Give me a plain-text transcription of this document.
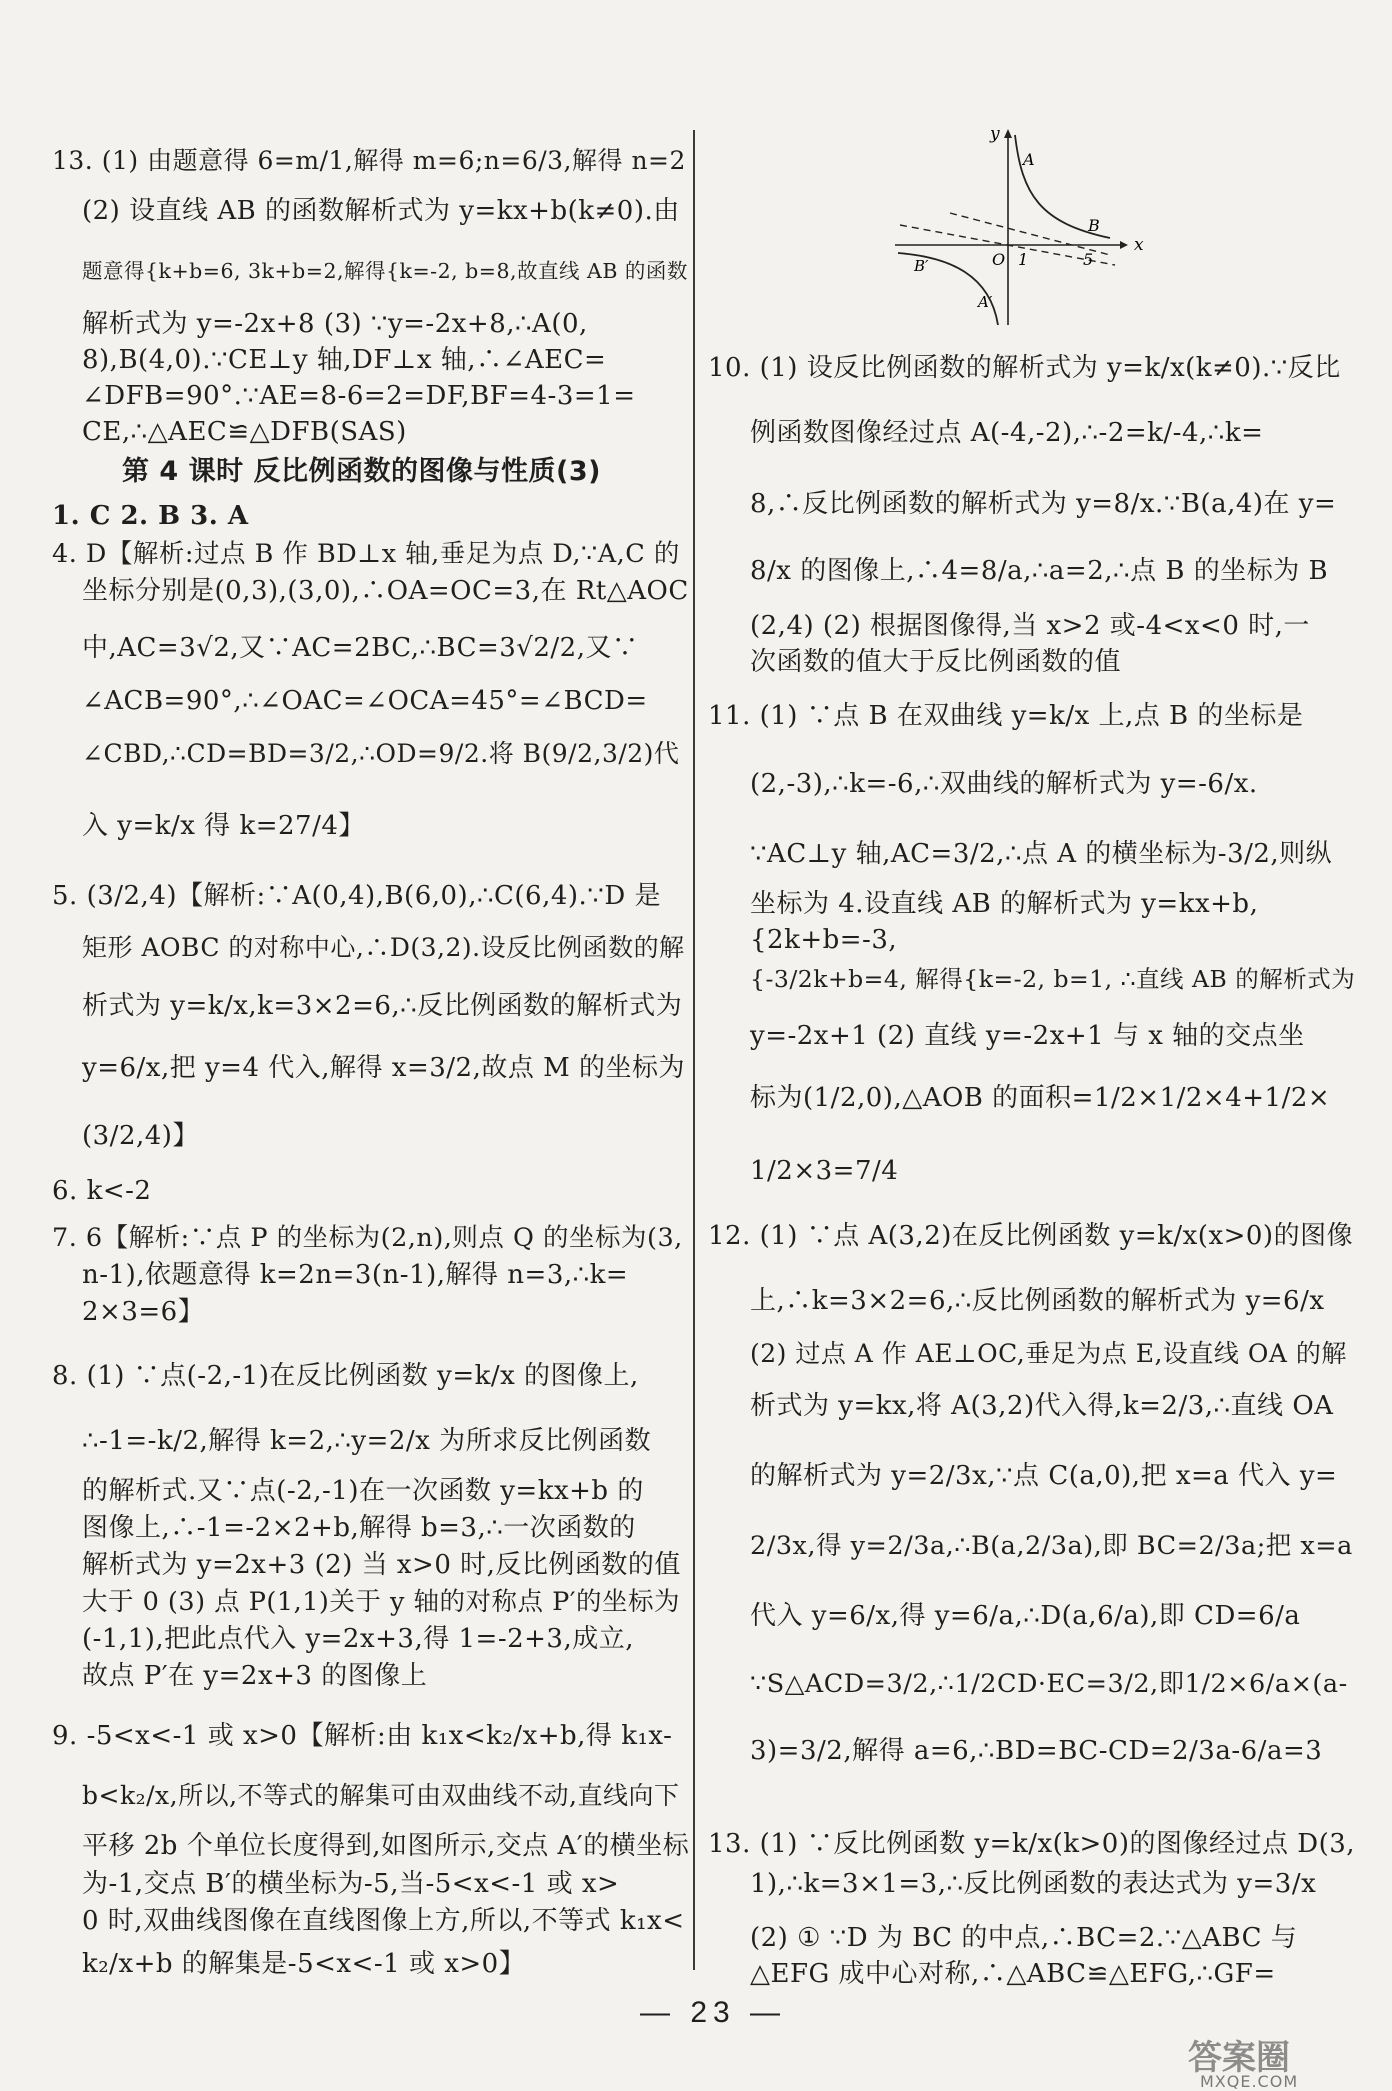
13. (1) 由题意得 6=m/1,解得 m=6;n=6/3,解得 n=2
(2) 设直线 AB 的函数解析式为 y=kx+b(k≠0).由
题意得{k+b=6, 3k+b=2,解得{k=-2, b=8,故直线 AB 的函数
解析式为 y=-2x+8 (3) ∵y=-2x+8,∴A(0,
8),B(4,0).∵CE⊥y 轴,DF⊥x 轴,∴∠AEC=
∠DFB=90°.∵AE=8-6=2=DF,BF=4-3=1=
CE,∴△AEC≌△DFB(SAS)
第 4 课时 反比例函数的图像与性质(3)
1. C 2. B 3. A
4. D【解析:过点 B 作 BD⊥x 轴,垂足为点 D,∵A,C 的
坐标分别是(0,3),(3,0),∴OA=OC=3,在 Rt△AOC
中,AC=3√2,又∵AC=2BC,∴BC=3√2/2,又∵
∠ACB=90°,∴∠OAC=∠OCA=45°=∠BCD=
∠CBD,∴CD=BD=3/2,∴OD=9/2.将 B(9/2,3/2)代
入 y=k/x 得 k=27/4】
5. (3/2,4)【解析:∵A(0,4),B(6,0),∴C(6,4).∵D 是
矩形 AOBC 的对称中心,∴D(3,2).设反比例函数的解
析式为 y=k/x,k=3×2=6,∴反比例函数的解析式为
y=6/x,把 y=4 代入,解得 x=3/2,故点 M 的坐标为
(3/2,4)】
6. k<-2
7. 6【解析:∵点 P 的坐标为(2,n),则点 Q 的坐标为(3,
n-1),依题意得 k=2n=3(n-1),解得 n=3,∴k=
2×3=6】
8. (1) ∵点(-2,-1)在反比例函数 y=k/x 的图像上,
∴-1=-k/2,解得 k=2,∴y=2/x 为所求反比例函数
的解析式.又∵点(-2,-1)在一次函数 y=kx+b 的
图像上,∴-1=-2×2+b,解得 b=3,∴一次函数的
解析式为 y=2x+3 (2) 当 x>0 时,反比例函数的值
大于 0 (3) 点 P(1,1)关于 y 轴的对称点 P′的坐标为
(-1,1),把此点代入 y=2x+3,得 1=-2+3,成立,
故点 P′在 y=2x+3 的图像上
9. -5<x<-1 或 x>0【解析:由 k₁x<k₂/x+b,得 k₁x-
b<k₂/x,所以,不等式的解集可由双曲线不动,直线向下
平移 2b 个单位长度得到,如图所示,交点 A′的横坐标
为-1,交点 B′的横坐标为-5,当-5<x<-1 或 x>
0 时,双曲线图像在直线图像上方,所以,不等式 k₁x<
k₂/x+b 的解集是-5<x<-1 或 x>0】
y
x
O 1	5
A
B
A′
B′
10. (1) 设反比例函数的解析式为 y=k/x(k≠0).∵反比
例函数图像经过点 A(-4,-2),∴-2=k/-4,∴k=
8,∴反比例函数的解析式为 y=8/x.∵B(a,4)在 y=
8/x 的图像上,∴4=8/a,∴a=2,∴点 B 的坐标为 B
(2,4) (2) 根据图像得,当 x>2 或-4<x<0 时,一
次函数的值大于反比例函数的值
11. (1) ∵点 B 在双曲线 y=k/x 上,点 B 的坐标是
(2,-3),∴k=-6,∴双曲线的解析式为 y=-6/x.
∵AC⊥y 轴,AC=3/2,∴点 A 的横坐标为-3/2,则纵
坐标为 4.设直线 AB 的解析式为 y=kx+b,
{2k+b=-3,
{-3/2k+b=4, 解得{k=-2, b=1, ∴直线 AB 的解析式为
y=-2x+1 (2) 直线 y=-2x+1 与 x 轴的交点坐
标为(1/2,0),△AOB 的面积=1/2×1/2×4+1/2×
1/2×3=7/4
12. (1) ∵点 A(3,2)在反比例函数 y=k/x(x>0)的图像
上,∴k=3×2=6,∴反比例函数的解析式为 y=6/x
(2) 过点 A 作 AE⊥OC,垂足为点 E,设直线 OA 的解
析式为 y=kx,将 A(3,2)代入得,k=2/3,∴直线 OA
的解析式为 y=2/3x,∵点 C(a,0),把 x=a 代入 y=
2/3x,得 y=2/3a,∴B(a,2/3a),即 BC=2/3a;把 x=a
代入 y=6/x,得 y=6/a,∴D(a,6/a),即 CD=6/a
∵S△ACD=3/2,∴1/2CD·EC=3/2,即1/2×6/a×(a-
3)=3/2,解得 a=6,∴BD=BC-CD=2/3a-6/a=3
13. (1) ∵反比例函数 y=k/x(k>0)的图像经过点 D(3,
1),∴k=3×1=3,∴反比例函数的表达式为 y=3/x
(2) ① ∵D 为 BC 的中点,∴BC=2.∵△ABC 与
△EFG 成中心对称,∴△ABC≌△EFG,∴GF=
— 23 —
答案圈
MXQE.COM
